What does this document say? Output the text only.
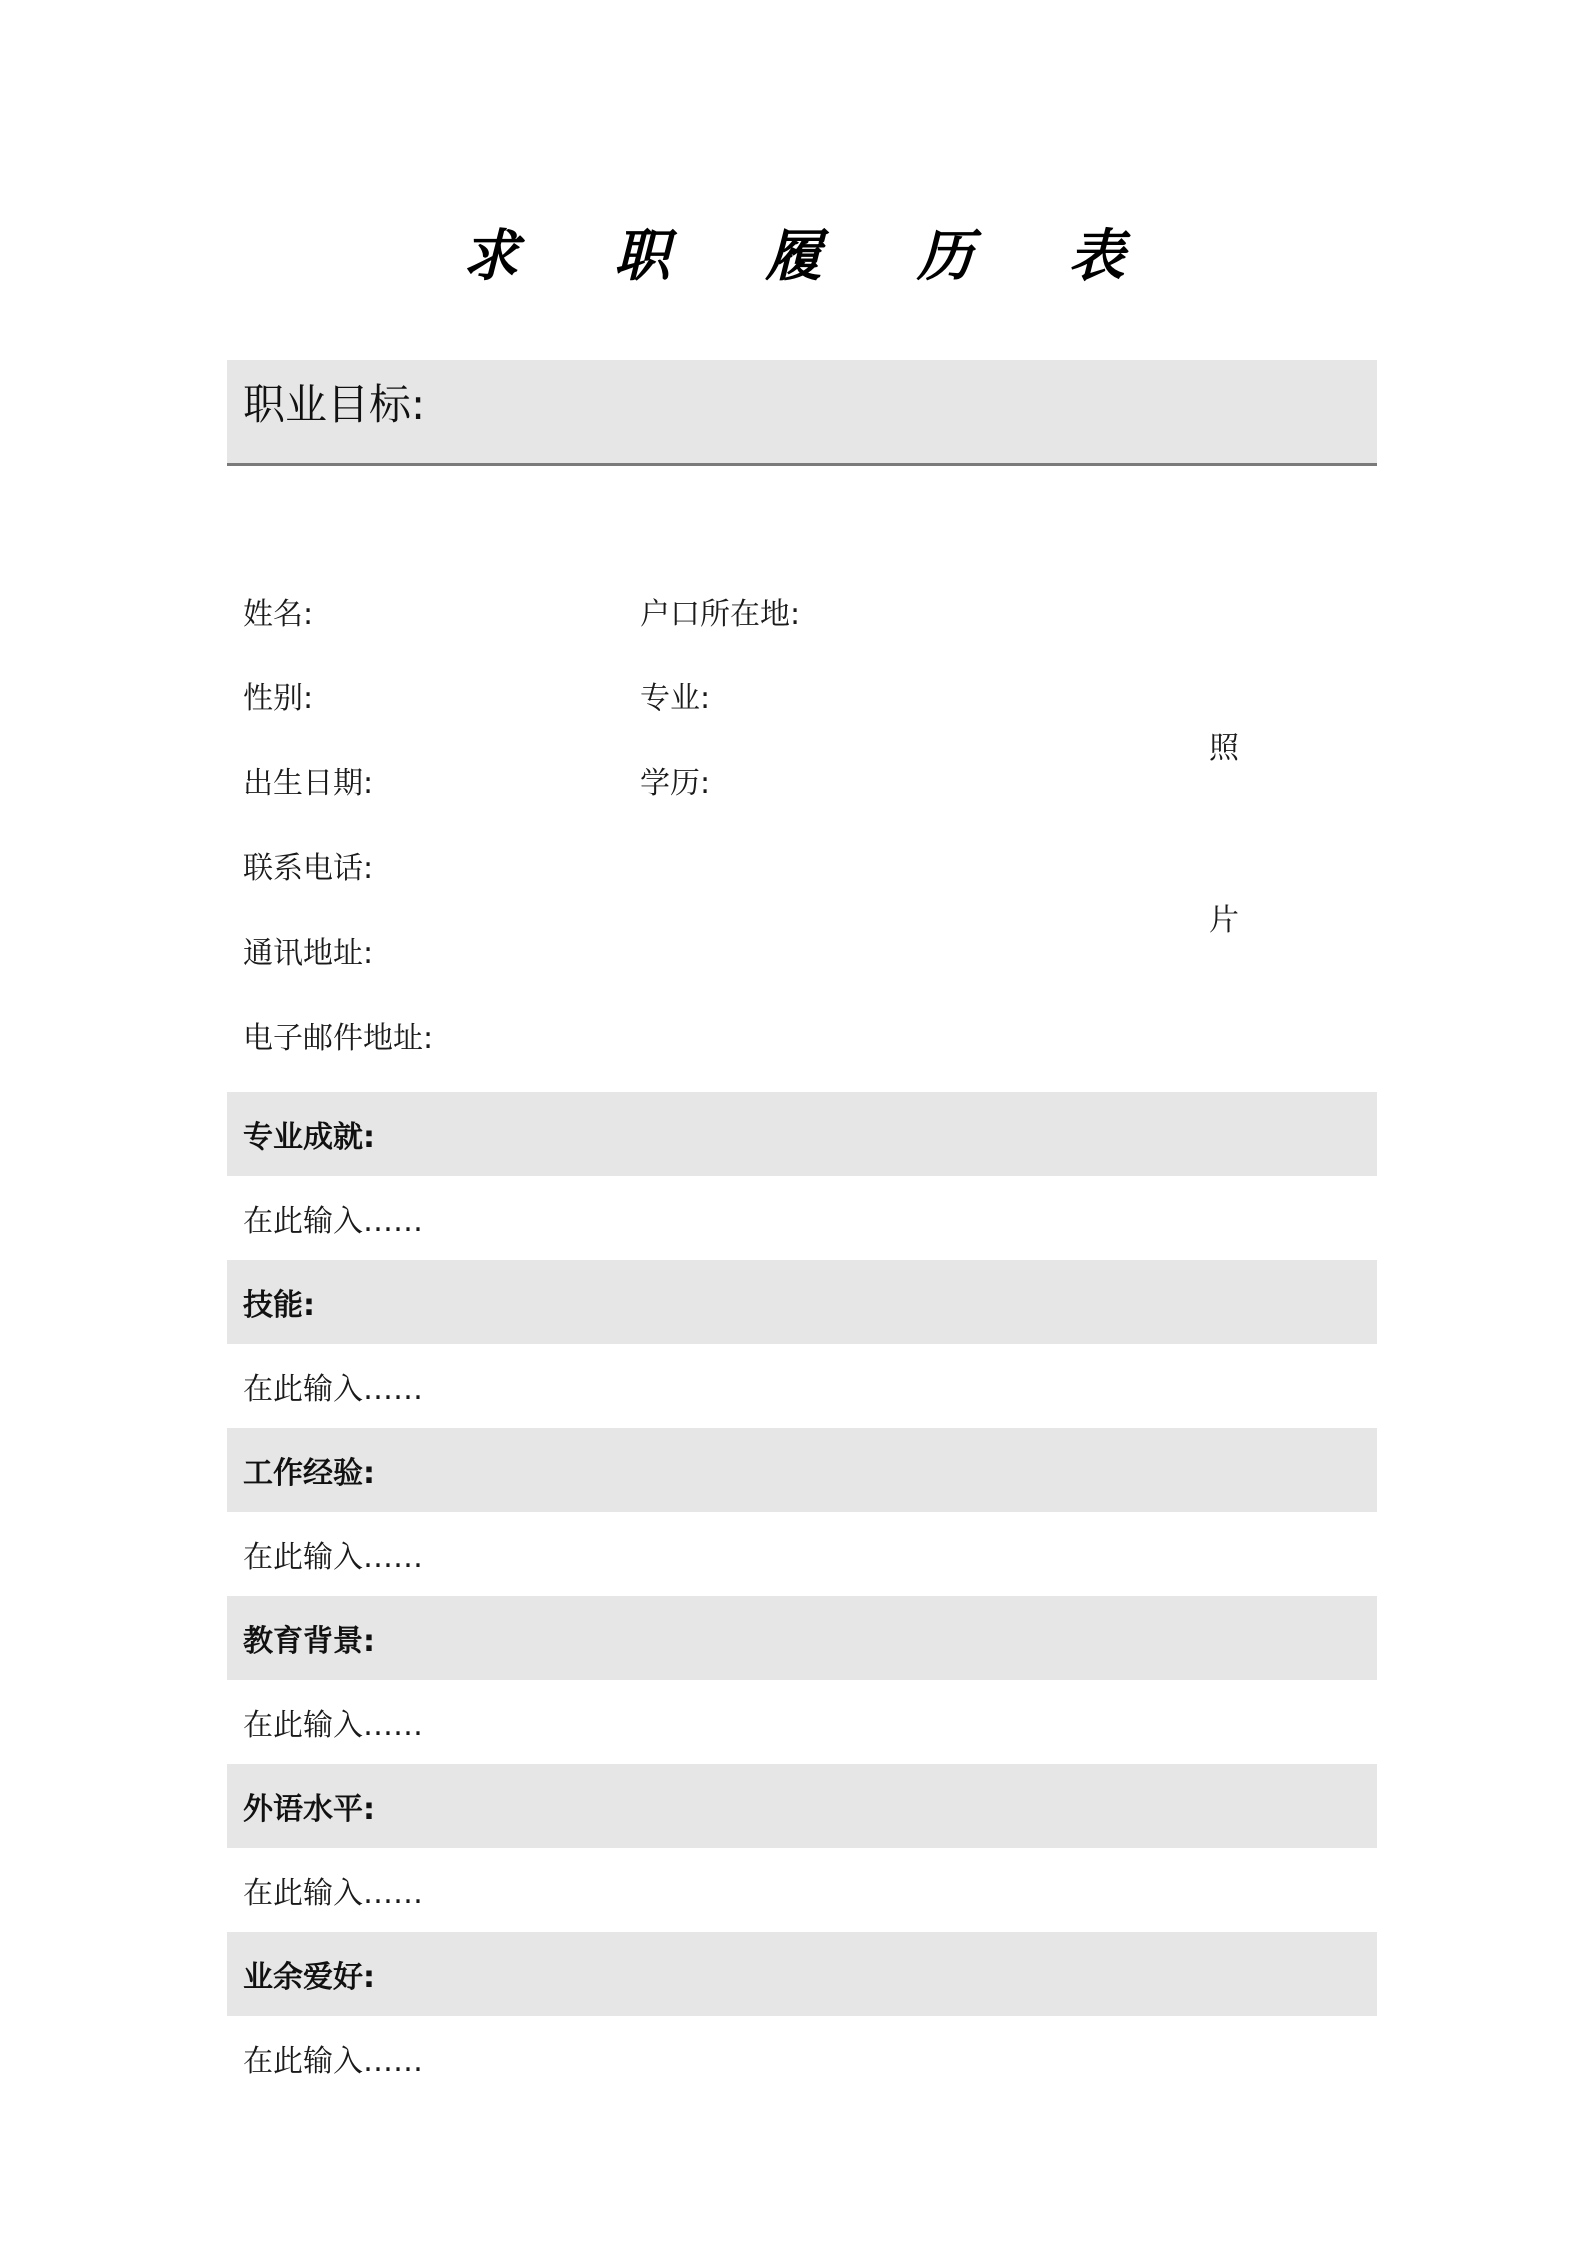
求 职 履 历 表
职业目标:
姓名:	户口所在地:
性别:	专业:
出生日期:	学历:
联系电话:
通讯地址:
电子邮件地址:
照
片
专业成就:
在此输入……
技能:
在此输入……
工作经验:
在此输入……
教育背景:
在此输入……
外语水平:
在此输入……
业余爱好:
在此输入……
